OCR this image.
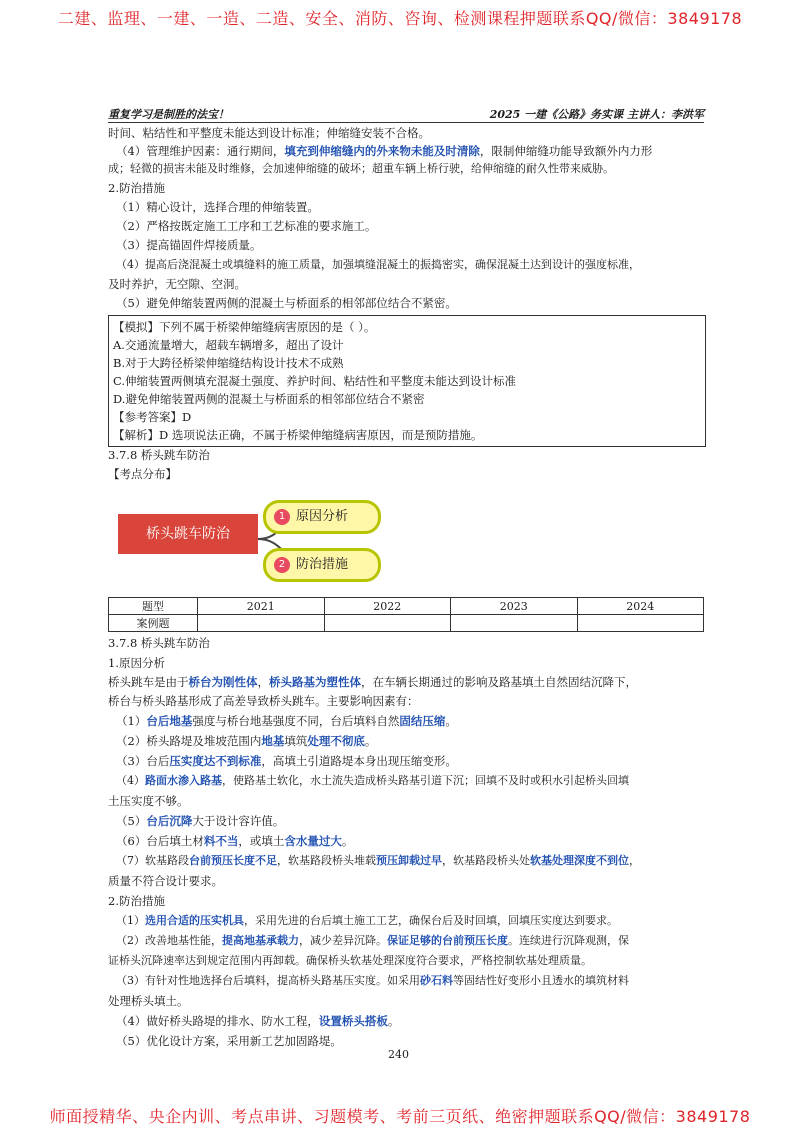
二建、监理、一建、一造、二造、安全、消防、咨询、检测课程押题联系QQ/微信：3849178
重复学习是制胜的法宝！	2025 一建《公路》务实课 主讲人：李洪军
时间、粘结性和平整度未能达到设计标准；伸缩缝安装不合格。
（4）管理维护因素：通行期间，填充到伸缩缝内的外来物未能及时清除，限制伸缩缝功能导致额外内力形
成；轻微的损害未能及时维修，会加速伸缩缝的破坏；超重车辆上桥行驶，给伸缩缝的耐久性带来威胁。
2.防治措施
（1）精心设计，选择合理的伸缩装置。
（2）严格按既定施工工序和工艺标准的要求施工。
（3）提高锚固件焊接质量。
（4）提高后浇混凝土或填缝料的施工质量，加强填缝混凝土的振捣密实，确保混凝土达到设计的强度标准，
及时养护，无空隙、空洞。
（5）避免伸缩装置两侧的混凝土与桥面系的相邻部位结合不紧密。
【模拟】下列不属于桥梁伸缩缝病害原因的是（ ）。
A.交通流量增大，超载车辆增多，超出了设计
B.对于大跨径桥梁伸缩缝结构设计技术不成熟
C.伸缩装置两侧填充混凝土强度、养护时间、粘结性和平整度未能达到设计标准
D.避免伸缩装置两侧的混凝土与桥面系的相邻部位结合不紧密
【参考答案】D
【解析】D 选项说法正确，不属于桥梁伸缩缝病害原因，而是预防措施。
3.7.8 桥头跳车防治
【考点分布】
桥头跳车防治
1 原因分析
2 防治措施
题型	2021	2022	2023	2024
案例题				
3.7.8 桥头跳车防治
1.原因分析
桥头跳车是由于桥台为刚性体，桥头路基为塑性体，在车辆长期通过的影响及路基填土自然固结沉降下，
桥台与桥头路基形成了高差导致桥头跳车。主要影响因素有：
（1）台后地基强度与桥台地基强度不同，台后填料自然固结压缩。
（2）桥头路堤及堆坡范围内地基填筑处理不彻底。
（3）台后压实度达不到标准，高填土引道路堤本身出现压缩变形。
（4）路面水渗入路基，使路基土软化，水土流失造成桥头路基引道下沉；回填不及时或积水引起桥头回填
土压实度不够。
（5）台后沉降大于设计容许值。
（6）台后填土材料不当，或填土含水量过大。
（7）软基路段台前预压长度不足，软基路段桥头堆载预压卸载过早，软基路段桥头处软基处理深度不到位，
质量不符合设计要求。
2.防治措施
（1）选用合适的压实机具，采用先进的台后填土施工工艺，确保台后及时回填，回填压实度达到要求。
（2）改善地基性能，提高地基承载力，减少差异沉降。保证足够的台前预压长度。连续进行沉降观测，保
证桥头沉降速率达到规定范围内再卸载。确保桥头软基处理深度符合要求，严格控制软基处理质量。
（3）有针对性地选择台后填料，提高桥头路基压实度。如采用砂石料等固结性好变形小且透水的填筑材料
处理桥头填土。
（4）做好桥头路堤的排水、防水工程，设置桥头搭板。
（5）优化设计方案，采用新工艺加固路堤。
240
师面授精华、央企内训、考点串讲、习题模考、考前三页纸、绝密押题联系QQ/微信：3849178
